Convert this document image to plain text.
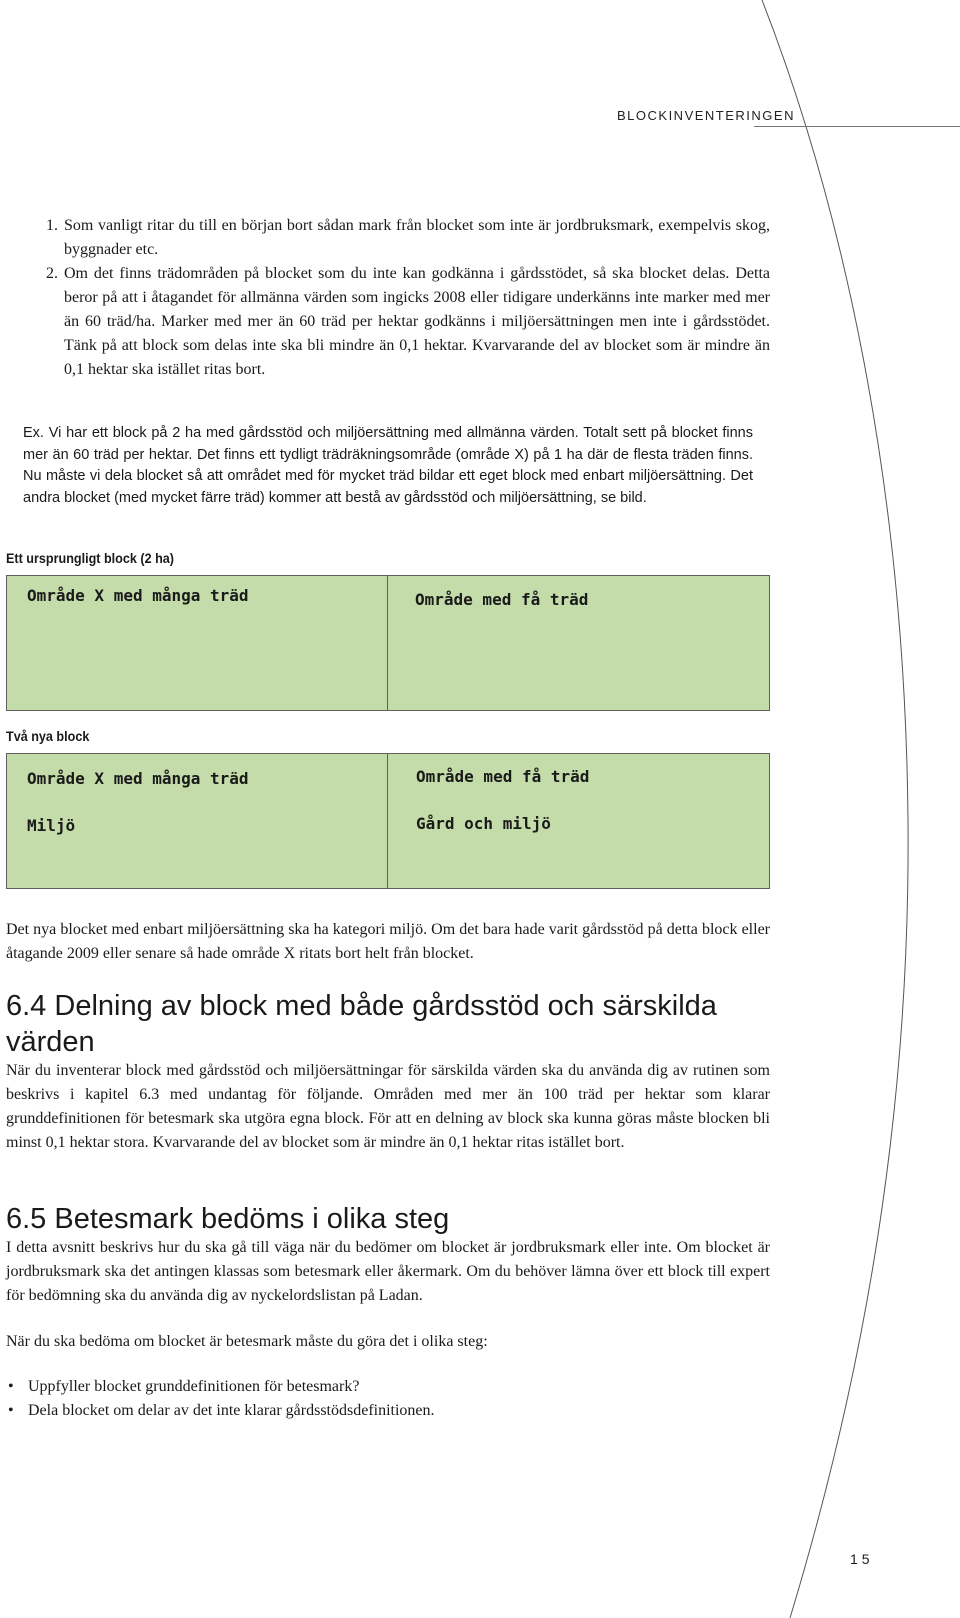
BLOCKINVENTERINGEN
1. Som vanligt ritar du till en början bort sådan mark från blocket som inte är jordbruksmark, exempelvis skog, byggnader etc.
2. Om det finns trädområden på blocket som du inte kan godkänna i gårdsstödet, så ska blocket delas. Detta beror på att i åtagandet för allmänna värden som ingicks 2008 eller tidigare underkänns inte marker med mer än 60 träd/ha. Marker med mer än 60 träd per hektar godkänns i miljöersättningen men inte i gårdsstödet. Tänk på att block som delas inte ska bli mindre än 0,1 hektar. Kvarvarande del av blocket som är mindre än 0,1 hektar ska istället ritas bort.
Ex. Vi har ett block på 2 ha med gårdsstöd och miljöersättning med allmänna värden. Totalt sett på blocket finns mer än 60 träd per hektar. Det finns ett tydligt trädräkningsområde (område X) på 1 ha där de flesta träden finns. Nu måste vi dela blocket så att området med för mycket träd bildar ett eget block med enbart miljöersättning. Det andra blocket (med mycket färre träd) kommer att bestå av gårdsstöd och miljöersättning, se bild.
Ett ursprungligt block (2 ha)
Område X med många träd	Område med få träd
Två nya block
Område X med många träd
Miljö
Område med få träd
Gård och miljö
Det nya blocket med enbart miljöersättning ska ha kategori miljö. Om det bara hade varit gårdsstöd på detta block eller åtagande 2009 eller senare så hade område X ritats bort helt från blocket.
6.4 Delning av block med både gårdsstöd och särskilda värden
När du inventerar block med gårdsstöd och miljöersättningar för särskilda värden ska du använda dig av rutinen som beskrivs i kapitel 6.3 med undantag för följande. Områden med mer än 100 träd per hektar som klarar grunddefinitionen för betesmark ska utgöra egna block. För att en delning av block ska kunna göras måste blocken bli minst 0,1 hektar stora. Kvarvarande del av blocket som är mindre än 0,1 hektar ritas istället bort.
6.5 Betesmark bedöms i olika steg
I detta avsnitt beskrivs hur du ska gå till väga när du bedömer om blocket är jordbruksmark eller inte. Om blocket är jordbruksmark ska det antingen klassas som betesmark eller åkermark. Om du behöver lämna över ett block till expert för bedömning ska du använda dig av nyckelordslistan på Ladan.
När du ska bedöma om blocket är betesmark måste du göra det i olika steg:
• Uppfyller blocket grunddefinitionen för betesmark?
• Dela blocket om delar av det inte klarar gårdsstödsdefinitionen.
15
